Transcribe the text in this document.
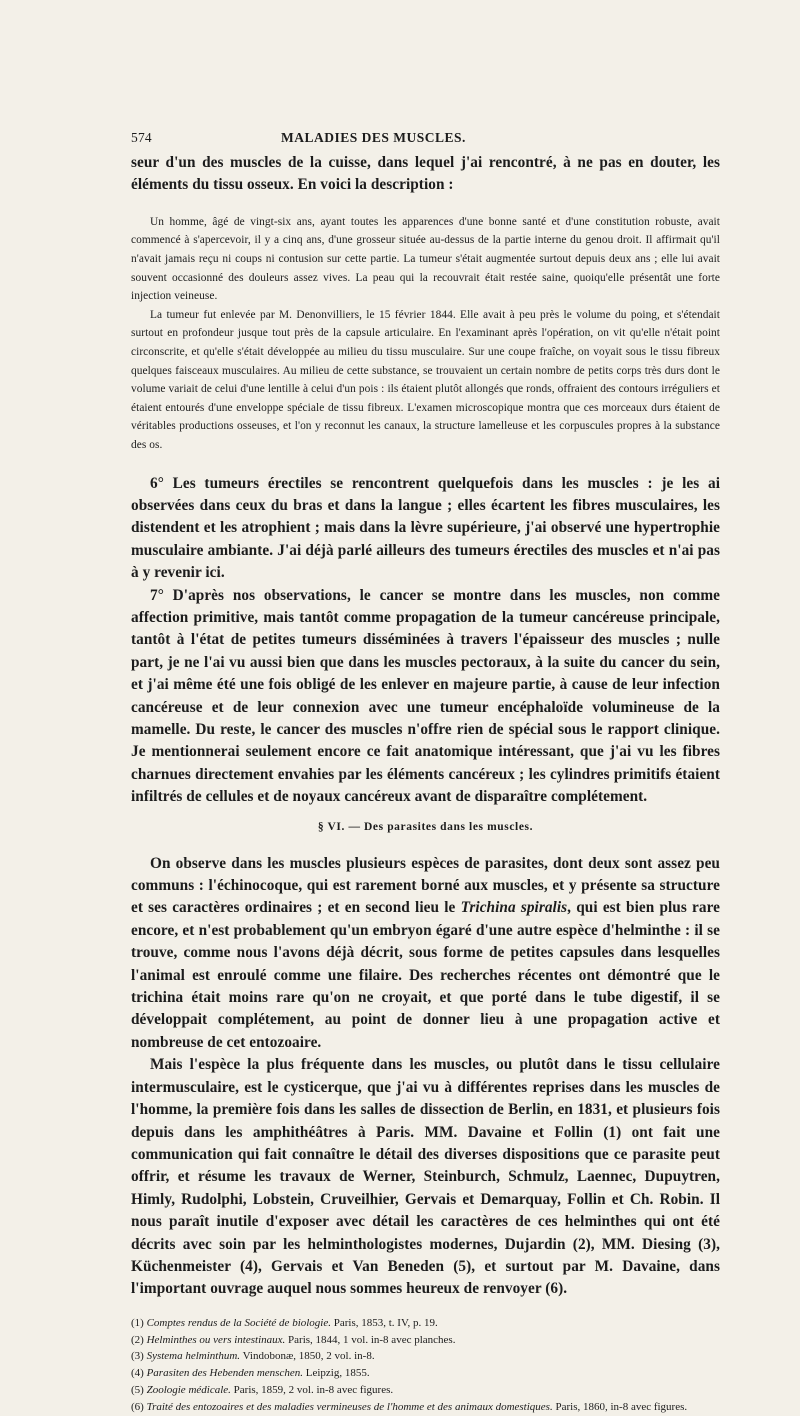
574	MALADIES DES MUSCLES.

seur d'un des muscles de la cuisse, dans lequel j'ai rencontré, à ne pas en douter, les éléments du tissu osseux. En voici la description :

Un homme, âgé de vingt-six ans, ayant toutes les apparences d'une bonne santé et d'une constitution robuste, avait commencé à s'apercevoir, il y a cinq ans, d'une grosseur située au-dessus de la partie interne du genou droit. Il affirmait qu'il n'avait jamais reçu ni coups ni contusion sur cette partie. La tumeur s'était augmentée surtout depuis deux ans ; elle lui avait souvent occasionné des douleurs assez vives. La peau qui la recouvrait était restée saine, quoiqu'elle présentât une forte injection veineuse.

La tumeur fut enlevée par M. Denonvilliers, le 15 février 1844. Elle avait à peu près le volume du poing, et s'étendait surtout en profondeur jusque tout près de la capsule articulaire. En l'examinant après l'opération, on vit qu'elle n'était point circonscrite, et qu'elle s'était développée au milieu du tissu musculaire. Sur une coupe fraîche, on voyait sous le tissu fibreux quelques faisceaux musculaires. Au milieu de cette substance, se trouvaient un certain nombre de petits corps très durs dont le volume variait de celui d'une lentille à celui d'un pois : ils étaient plutôt allongés que ronds, offraient des contours irréguliers et étaient entourés d'une enveloppe spéciale de tissu fibreux. L'examen microscopique montra que ces morceaux durs étaient de véritables productions osseuses, et l'on y reconnut les canaux, la structure lamelleuse et les corpuscules propres à la substance des os.

6° Les tumeurs érectiles se rencontrent quelquefois dans les muscles : je les ai observées dans ceux du bras et dans la langue ; elles écartent les fibres musculaires, les distendent et les atrophient ; mais dans la lèvre supérieure, j'ai observé une hypertrophie musculaire ambiante. J'ai déjà parlé ailleurs des tumeurs érectiles des muscles et n'ai pas à y revenir ici.

7° D'après nos observations, le cancer se montre dans les muscles, non comme affection primitive, mais tantôt comme propagation de la tumeur cancéreuse principale, tantôt à l'état de petites tumeurs disséminées à travers l'épaisseur des muscles ; nulle part, je ne l'ai vu aussi bien que dans les muscles pectoraux, à la suite du cancer du sein, et j'ai même été une fois obligé de les enlever en majeure partie, à cause de leur infection cancéreuse et de leur connexion avec une tumeur encéphaloïde volumineuse de la mamelle. Du reste, le cancer des muscles n'offre rien de spécial sous le rapport clinique. Je mentionnerai seulement encore ce fait anatomique intéressant, que j'ai vu les fibres charnues directement envahies par les éléments cancéreux ; les cylindres primitifs étaient infiltrés de cellules et de noyaux cancéreux avant de disparaître complétement.

§ VI. — Des parasites dans les muscles.

On observe dans les muscles plusieurs espèces de parasites, dont deux sont assez peu communs : l'échinocoque, qui est rarement borné aux muscles, et y présente sa structure et ses caractères ordinaires ; et en second lieu le Trichina spiralis, qui est bien plus rare encore, et n'est probablement qu'un embryon égaré d'une autre espèce d'helminthe : il se trouve, comme nous l'avons déjà décrit, sous forme de petites capsules dans lesquelles l'animal est enroulé comme une filaire. Des recherches récentes ont démontré que le trichina était moins rare qu'on ne croyait, et que porté dans le tube digestif, il se développait complétement, au point de donner lieu à une propagation active et nombreuse de cet entozoaire.

Mais l'espèce la plus fréquente dans les muscles, ou plutôt dans le tissu cellulaire intermusculaire, est le cysticerque, que j'ai vu à différentes reprises dans les muscles de l'homme, la première fois dans les salles de dissection de Berlin, en 1831, et plusieurs fois depuis dans les amphithéâtres à Paris. MM. Davaine et Follin (1) ont fait une communication qui fait connaître le détail des diverses dispositions que ce parasite peut offrir, et résume les travaux de Werner, Steinburch, Schmulz, Laennec, Dupuytren, Himly, Rudolphi, Lobstein, Cruveilhier, Gervais et Demarquay, Follin et Ch. Robin. Il nous paraît inutile d'exposer avec détail les caractères de ces helminthes qui ont été décrits avec soin par les helminthologistes modernes, Dujardin (2), MM. Diesing (3), Küchenmeister (4), Gervais et Van Beneden (5), et surtout par M. Davaine, dans l'important ouvrage auquel nous sommes heureux de renvoyer (6).

(1) Comptes rendus de la Société de biologie. Paris, 1853, t. IV, p. 19.
(2) Helminthes ou vers intestinaux. Paris, 1844, 1 vol. in-8 avec planches.
(3) Systema helminthum. Vindobonæ, 1850, 2 vol. in-8.
(4) Parasiten des Hebenden menschen. Leipzig, 1855.
(5) Zoologie médicale. Paris, 1859, 2 vol. in-8 avec figures.
(6) Traité des entozoaires et des maladies vermineuses de l'homme et des animaux domestiques. Paris, 1860, in-8 avec figures.
